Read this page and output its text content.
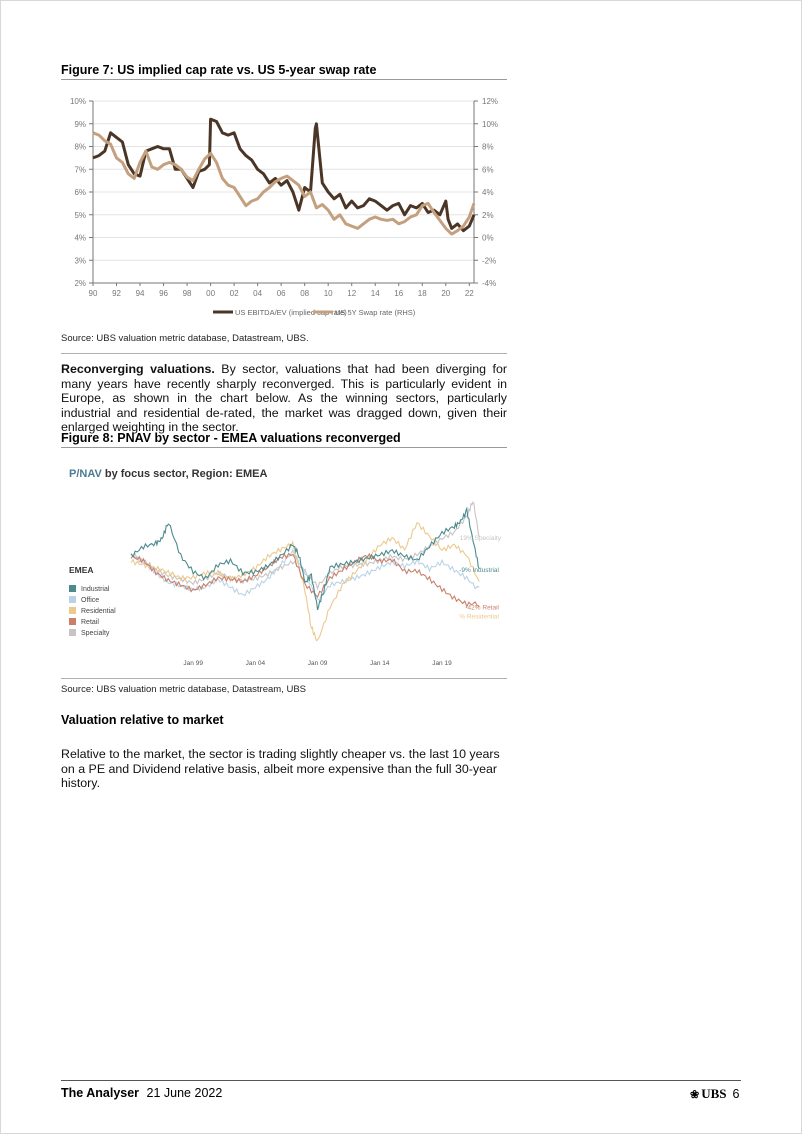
Figure 7: US implied cap rate vs. US 5-year swap rate
10%	12%
9%	10%
8%	8%
7%	6%
6%	4%
5%	2%
4%	0%
3%	-2%
2%	-4%
90 92 94 96 98 00 02 04 06 08 10 12 14 16 18 20 22
US EBITDA/EV (implied cap rate)
US 5Y Swap rate (RHS)
Source: UBS valuation metric database, Datastream, UBS.
Reconverging valuations. By sector, valuations that had been diverging for many years have recently sharply reconverged. This is particularly evident in Europe, as shown in the chart below. As the winning sectors, particularly industrial and residential de-rated, the market was dragged down, given their enlarged weighting in the sector.
Figure 8: PNAV by sector - EMEA valuations reconverged
P/NAV by focus sector, Region: EMEA
EMEA
Industrial
Office
Residential
Retail
Specialty
Jan 99	Jan 04	Jan 09	Jan 14	Jan 19
19% Specialty
-9% Industrial
-42% Retail
% Residential
Source: UBS valuation metric database, Datastream, UBS
Valuation relative to market
Relative to the market, the sector is trading slightly cheaper vs. the last 10 years on a PE and Dividend relative basis, albeit more expensive than the full 30-year history.
The Analyser 21 June 2022	❀ UBS 6
